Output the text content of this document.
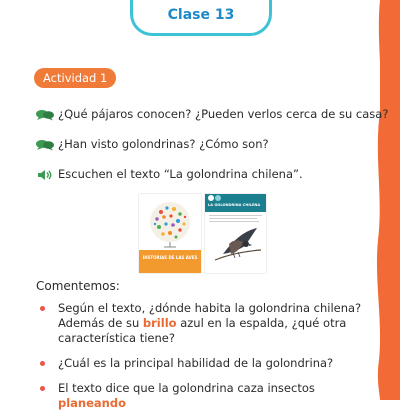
Clase 13
Actividad 1
¿Qué pájaros conocen? ¿Pueden verlos cerca de su casa?
¿Han visto golondrinas? ¿Cómo son?
Escuchen el texto “La golondrina chilena”.
HISTORIAS DE LAS AVES
LA GOLONDRINA CHILENA
Comentemos:
Según el texto, ¿dónde habita la golondrina chilena? Además de su brillo azul en la espalda, ¿qué otra característica tiene?
¿Cuál es la principal habilidad de la golondrina?
El texto dice que la golondrina caza insectos planeando
